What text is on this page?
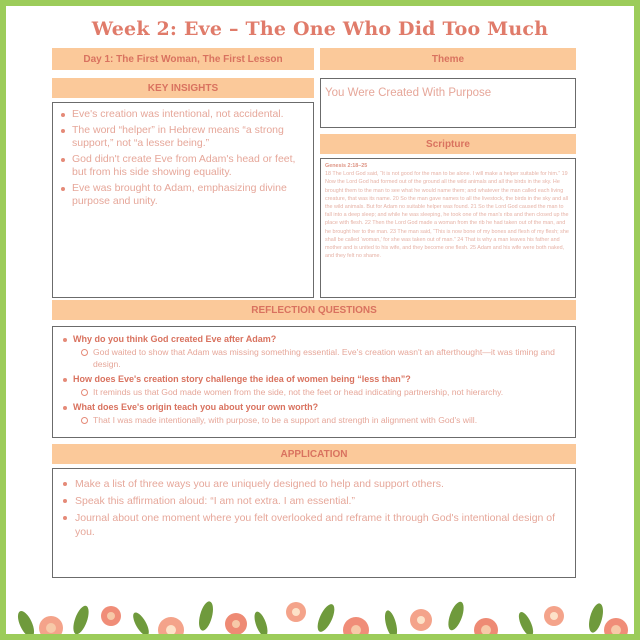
Week 2: Eve – The One Who Did Too Much
Day 1: The First Woman, The First Lesson	Theme
KEY INSIGHTS	You Were Created With Purpose
Eve's creation was intentional, not accidental.
The word “helper” in Hebrew means “a strong support,” not “a lesser being.”
God didn't create Eve from Adam's head or feet, but from his side showing equality.
Eve was brought to Adam, emphasizing divine purpose and unity.
Scripture
Genesis 2:18–25
18 The Lord God said, “It is not good for the man to be alone. I will make a helper suitable for him.” 19 Now the Lord God had formed out of the ground all the wild animals and all the birds in the sky. He brought them to the man to see what he would name them; and whatever the man called each living creature, that was its name. 20 So the man gave names to all the livestock, the birds in the sky and all the wild animals. But for Adam no suitable helper was found. 21 So the Lord God caused the man to fall into a deep sleep; and while he was sleeping, he took one of the man's ribs and then closed up the place with flesh. 22 Then the Lord God made a woman from the rib he had taken out of the man, and he brought her to the man. 23 The man said, “This is now bone of my bones and flesh of my flesh; she shall be called ‘woman,’ for she was taken out of man.” 24 That is why a man leaves his father and mother and is united to his wife, and they become one flesh. 25 Adam and his wife were both naked, and they felt no shame.
REFLECTION QUESTIONS
Why do you think God created Eve after Adam?
God waited to show that Adam was missing something essential. Eve's creation wasn't an afterthought—it was timing and design.
How does Eve's creation story challenge the idea of women being “less than”?
It reminds us that God made women from the side, not the feet or head indicating partnership, not hierarchy.
What does Eve's origin teach you about your own worth?
That I was made intentionally, with purpose, to be a support and strength in alignment with God's will.
APPLICATION
Make a list of three ways you are uniquely designed to help and support others.
Speak this affirmation aloud: “I am not extra. I am essential.”
Journal about one moment where you felt overlooked and reframe it through God's intentional design of you.
